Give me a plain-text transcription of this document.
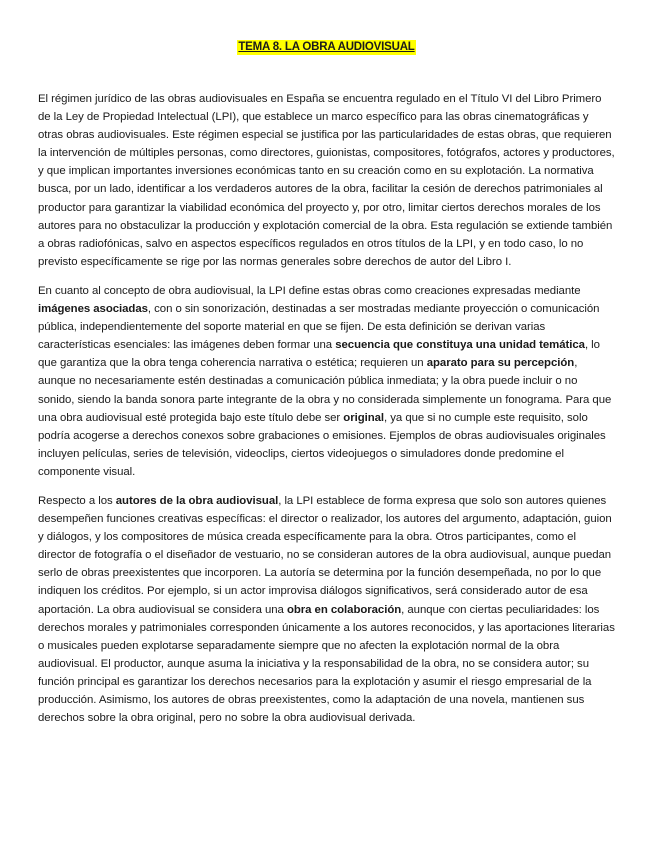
TEMA 8. LA OBRA AUDIOVISUAL

El régimen jurídico de las obras audiovisuales en España se encuentra regulado en el Título VI del Libro Primero de la Ley de Propiedad Intelectual (LPI), que establece un marco específico para las obras cinematográficas y otras obras audiovisuales. Este régimen especial se justifica por las particularidades de estas obras, que requieren la intervención de múltiples personas, como directores, guionistas, compositores, fotógrafos, actores y productores, y que implican importantes inversiones económicas tanto en su creación como en su explotación. La normativa busca, por un lado, identificar a los verdaderos autores de la obra, facilitar la cesión de derechos patrimoniales al productor para garantizar la viabilidad económica del proyecto y, por otro, limitar ciertos derechos morales de los autores para no obstaculizar la producción y explotación comercial de la obra. Esta regulación se extiende también a obras radiofónicas, salvo en aspectos específicos regulados en otros títulos de la LPI, y en todo caso, lo no previsto específicamente se rige por las normas generales sobre derechos de autor del Libro I.

En cuanto al concepto de obra audiovisual, la LPI define estas obras como creaciones expresadas mediante imágenes asociadas, con o sin sonorización, destinadas a ser mostradas mediante proyección o comunicación pública, independientemente del soporte material en que se fijen. De esta definición se derivan varias características esenciales: las imágenes deben formar una secuencia que constituya una unidad temática, lo que garantiza que la obra tenga coherencia narrativa o estética; requieren un aparato para su percepción, aunque no necesariamente estén destinadas a comunicación pública inmediata; y la obra puede incluir o no sonido, siendo la banda sonora parte integrante de la obra y no considerada simplemente un fonograma. Para que una obra audiovisual esté protegida bajo este título debe ser original, ya que si no cumple este requisito, solo podría acogerse a derechos conexos sobre grabaciones o emisiones. Ejemplos de obras audiovisuales originales incluyen películas, series de televisión, videoclips, ciertos videojuegos o simuladores donde predomine el componente visual.

Respecto a los autores de la obra audiovisual, la LPI establece de forma expresa que solo son autores quienes desempeñen funciones creativas específicas: el director o realizador, los autores del argumento, adaptación, guion y diálogos, y los compositores de música creada específicamente para la obra. Otros participantes, como el director de fotografía o el diseñador de vestuario, no se consideran autores de la obra audiovisual, aunque puedan serlo de obras preexistentes que incorporen. La autoría se determina por la función desempeñada, no por lo que indiquen los créditos. Por ejemplo, si un actor improvisa diálogos significativos, será considerado autor de esa aportación. La obra audiovisual se considera una obra en colaboración, aunque con ciertas peculiaridades: los derechos morales y patrimoniales corresponden únicamente a los autores reconocidos, y las aportaciones literarias o musicales pueden explotarse separadamente siempre que no afecten la explotación normal de la obra audiovisual. El productor, aunque asuma la iniciativa y la responsabilidad de la obra, no se considera autor; su función principal es garantizar los derechos necesarios para la explotación y asumir el riesgo empresarial de la producción. Asimismo, los autores de obras preexistentes, como la adaptación de una novela, mantienen sus derechos sobre la obra original, pero no sobre la obra audiovisual derivada.
